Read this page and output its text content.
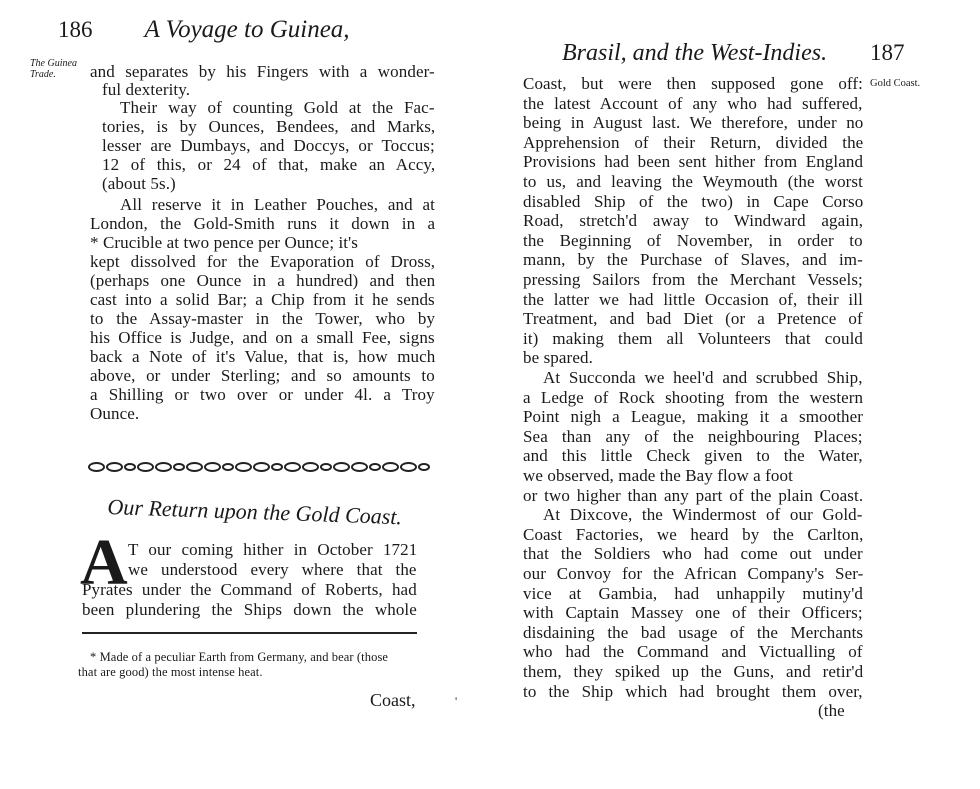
186 A Voyage to Guinea,
The Guinea
Trade.	and separates by his Fingers with a wonder-
ful dexterity.
Their way of counting Gold at the Fac-
tories, is by Ounces, Bendees, and Marks,
lesser are Dumbays, and Doccys, or Toccus;
12 of this, or 24 of that, make an Accy,
(about 5s.)
All reserve it in Leather Pouches, and at
London, the Gold-Smith runs it down in a
* Crucible at two pence per Ounce; it's
kept dissolved for the Evaporation of Dross,
(perhaps one Ounce in a hundred) and then
cast into a solid Bar; a Chip from it he sends
to the Assay-master in the Tower, who by
his Office is Judge, and on a small Fee, signs
back a Note of it's Value, that is, how much
above, or under Sterling; and so amounts to
a Shilling or two over or under 4l. a Troy
Ounce.
Our Return upon the Gold Coast.
A T our coming hither in October 1721
we understood every where that the
Pyrates under the Command of Roberts, had
been plundering the Ships down the whole
* Made of a peculiar Earth from Germany, and bear (those
that are good) the most intense heat.
Coast,	'
Brasil, and the West-Indies. 187
Gold Coast.
Coast, but were then supposed gone off:
the latest Account of any who had suffered,
being in August last. We therefore, under no
Apprehension of their Return, divided the
Provisions had been sent hither from England
to us, and leaving the Weymouth (the worst
disabled Ship of the two) in Cape Corso
Road, stretch'd away to Windward again,
the Beginning of November, in order to
mann, by the Purchase of Slaves, and im-
pressing Sailors from the Merchant Vessels;
the latter we had little Occasion of, their ill
Treatment, and bad Diet (or a Pretence of
it) making them all Volunteers that could
be spared.
At Succonda we heel'd and scrubbed Ship,
a Ledge of Rock shooting from the western
Point nigh a League, making it a smoother
Sea than any of the neighbouring Places;
and this little Check given to the Water,
we observed, made the Bay flow a foot
or two higher than any part of the plain Coast.
At Dixcove, the Windermost of our Gold-
Coast Factories, we heard by the Carlton,
that the Soldiers who had come out under
our Convoy for the African Company's Ser-
vice at Gambia, had unhappily mutiny'd
with Captain Massey one of their Officers;
disdaining the bad usage of the Merchants
who had the Command and Victualling of
them, they spiked up the Guns, and retir'd
to the Ship which had brought them over,
(the
